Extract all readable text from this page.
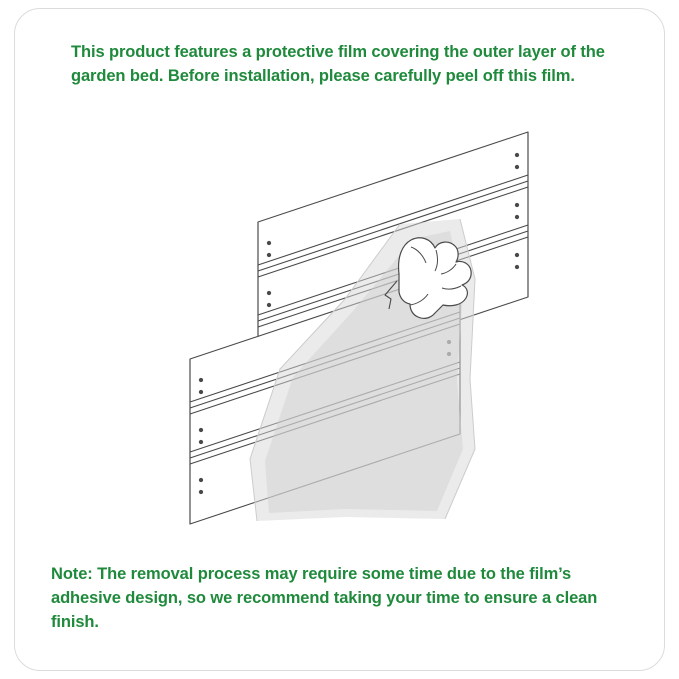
This product features a protective film covering the outer layer of the garden bed. Before installation, please carefully peel off this film.
Note: The removal process may require some time due to the film’s adhesive design, so we recommend taking your time to ensure a clean finish.
